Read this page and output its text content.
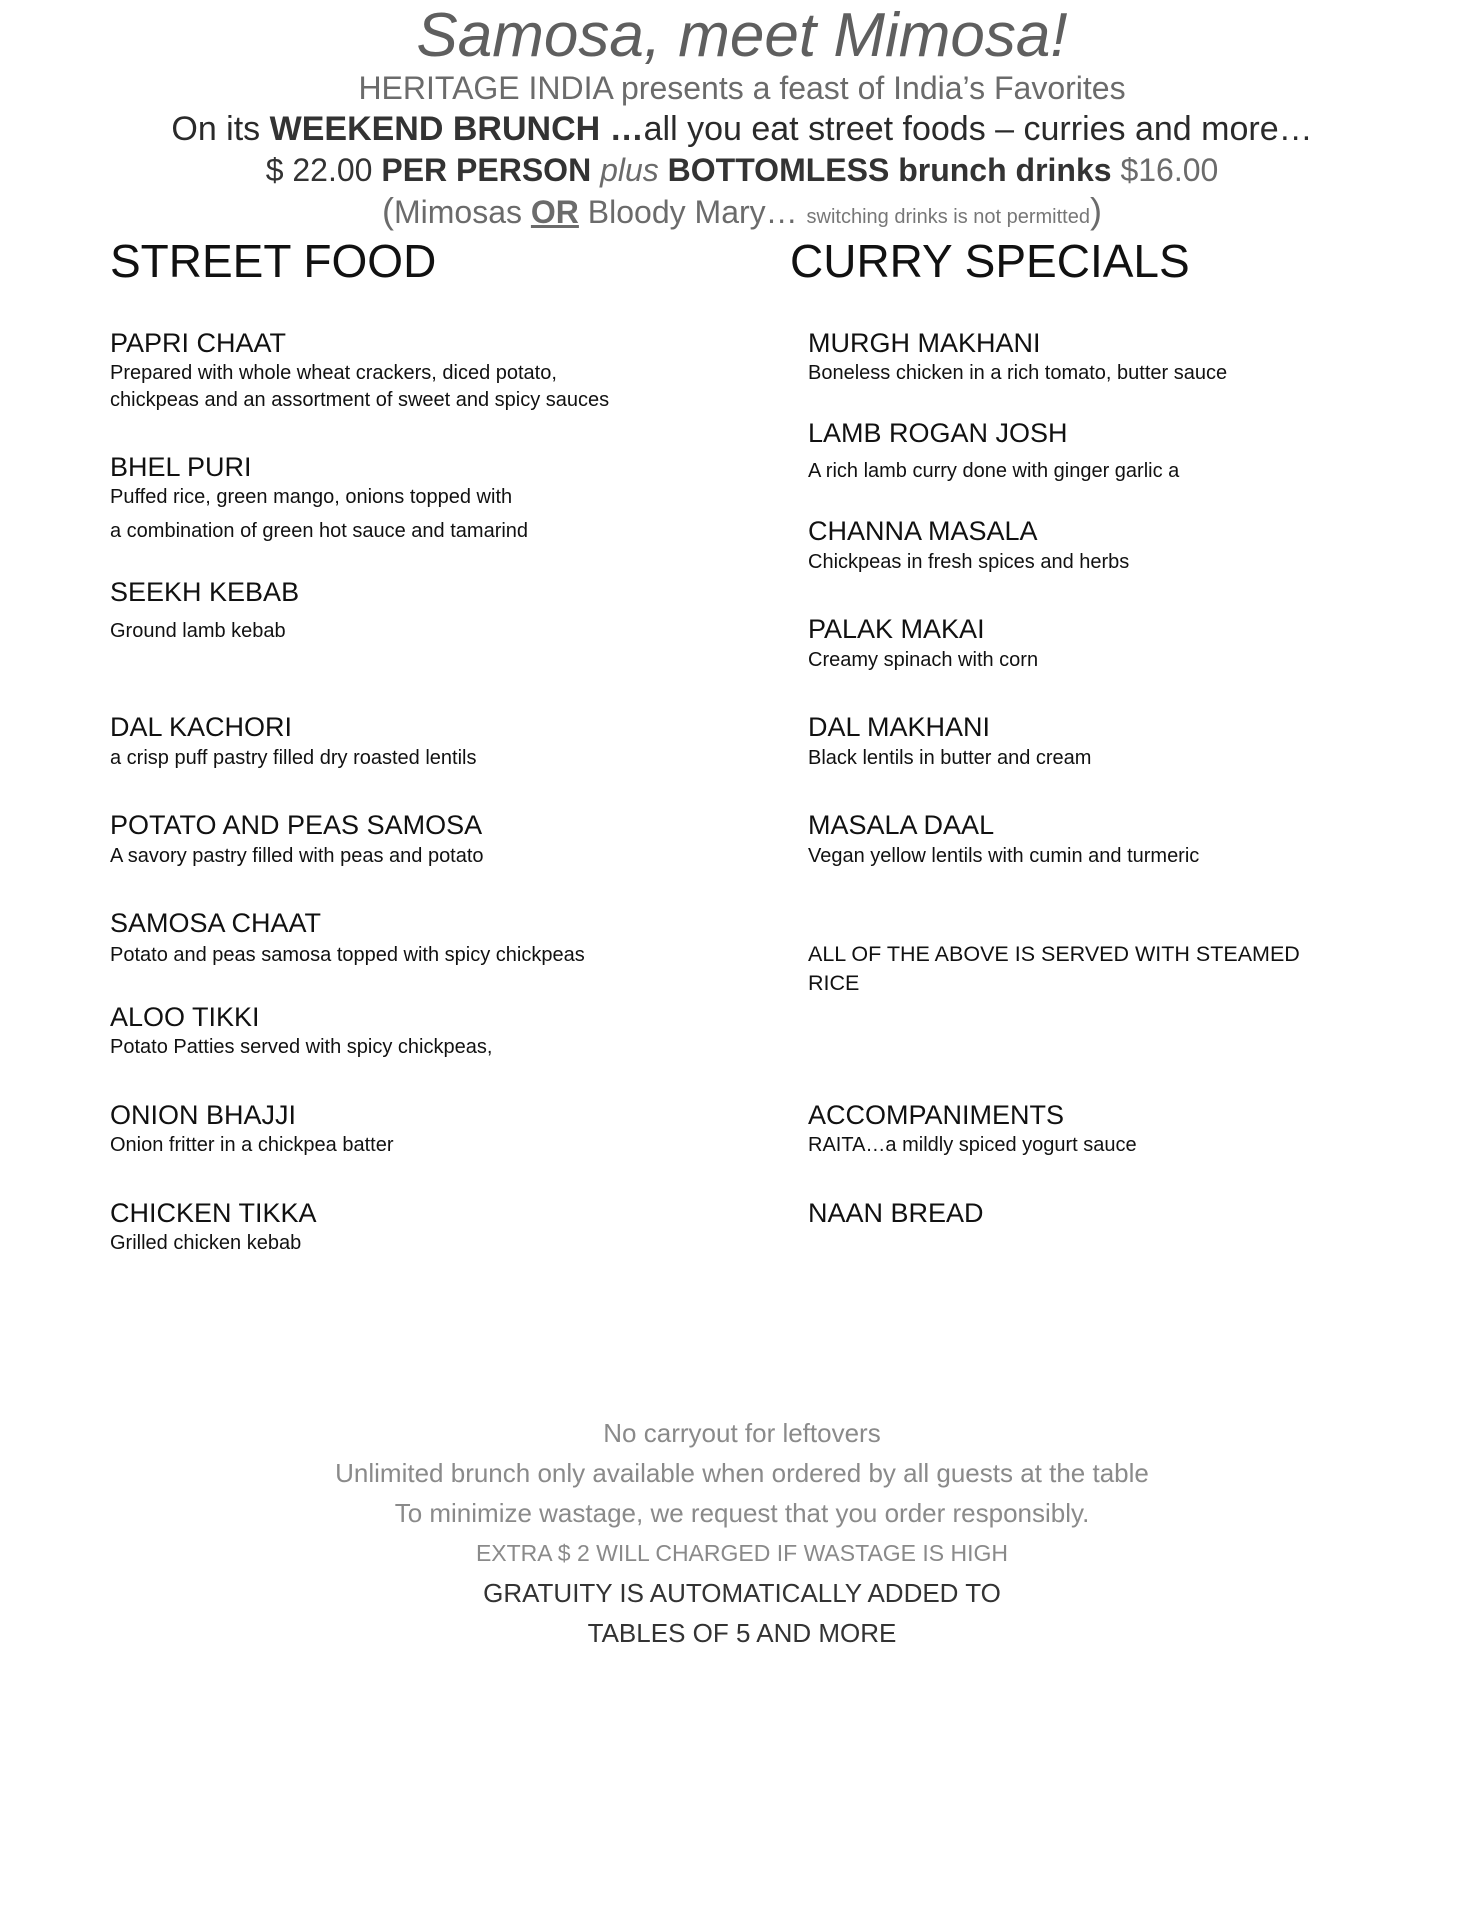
Samosa, meet Mimosa!
HERITAGE INDIA presents a feast of India’s Favorites
On its WEEKEND BRUNCH …all you eat street foods – curries and more…
$ 22.00 PER PERSON plus BOTTOMLESS brunch drinks $16.00
(Mimosas OR Bloody Mary… switching drinks is not permitted)
STREET FOOD	CURRY SPECIALS
PAPRI CHAAT
Prepared with whole wheat crackers, diced potato,
chickpeas and an assortment of sweet and spicy sauces
BHEL PURI
Puffed rice, green mango, onions topped with
a combination of green hot sauce and tamarind
SEEKH KEBAB
Ground lamb kebab
DAL KACHORI
a crisp puff pastry filled dry roasted lentils
POTATO AND PEAS SAMOSA
A savory pastry filled with peas and potato
SAMOSA CHAAT
Potato and peas samosa topped with spicy chickpeas
ALOO TIKKI
Potato Patties served with spicy chickpeas,
ONION BHAJJI
Onion fritter in a chickpea batter
CHICKEN TIKKA
Grilled chicken kebab
MURGH MAKHANI
Boneless chicken in a rich tomato, butter sauce
LAMB ROGAN JOSH
A rich lamb curry done with ginger garlic a
CHANNA MASALA
Chickpeas in fresh spices and herbs
PALAK MAKAI
Creamy spinach with corn
DAL MAKHANI
Black lentils in butter and cream
MASALA DAAL
Vegan yellow lentils with cumin and turmeric
ALL OF THE ABOVE IS SERVED WITH STEAMED
RICE
ACCOMPANIMENTS
RAITA…a mildly spiced yogurt sauce
NAAN BREAD
No carryout for leftovers
Unlimited brunch only available when ordered by all guests at the table
To minimize wastage, we request that you order responsibly.
EXTRA $ 2 WILL CHARGED IF WASTAGE IS HIGH
GRATUITY IS AUTOMATICALLY ADDED TO
TABLES OF 5 AND MORE
